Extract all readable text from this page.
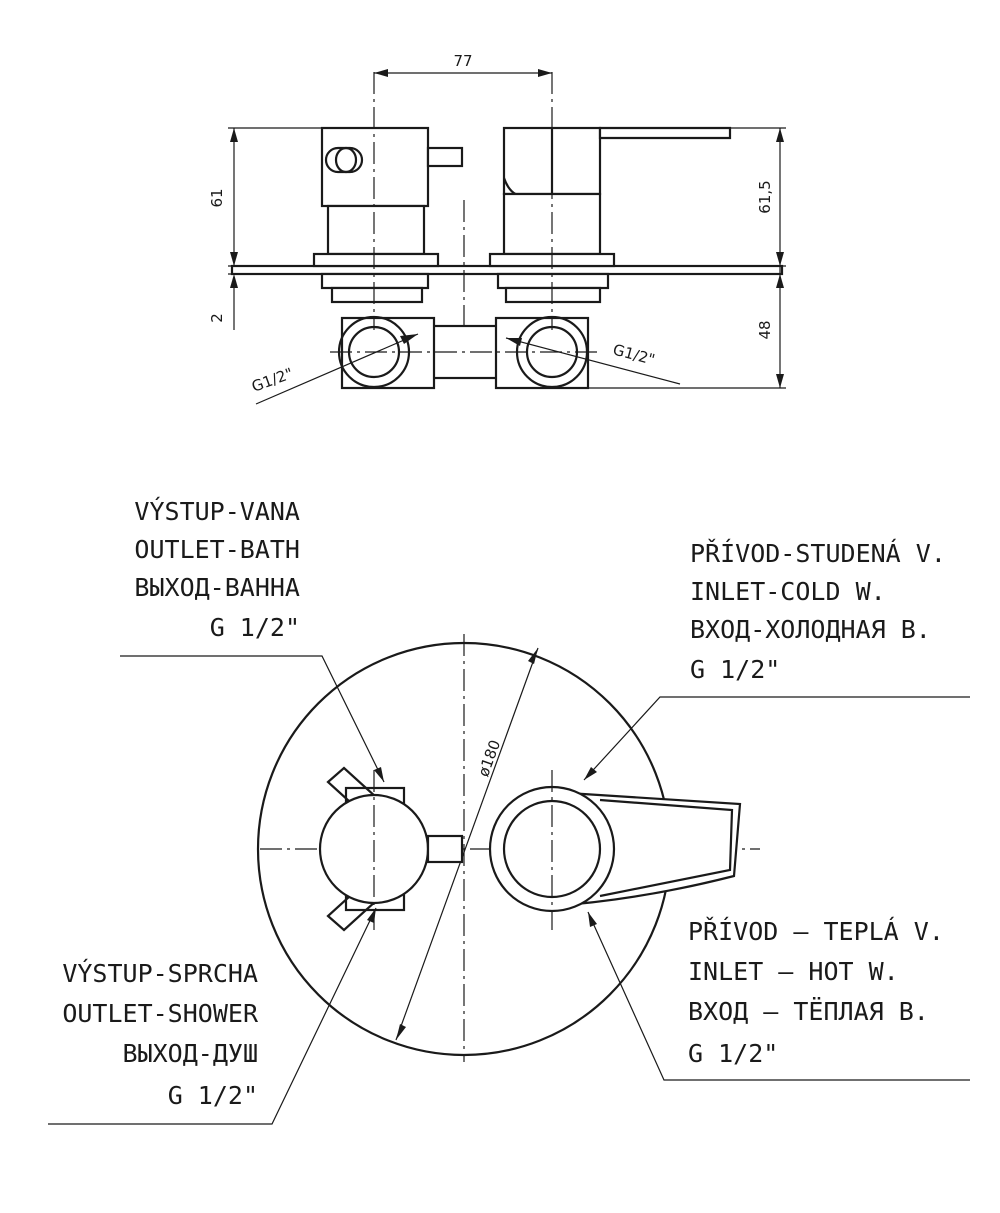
77
61
2
61,5
48
G1/2"
G1/2"
ø180
VÝSTUP-VANA
OUTLET-BATH
ВЫХОД-ВАННА
G 1/2"
PŘÍVOD-STUDENÁ V.
INLET-COLD W.
ВХОД-ХОЛОДНАЯ В.
G 1/2"
VÝSTUP-SPRCHA
OUTLET-SHOWER
ВЫХОД-ДУШ
G 1/2"
PŘÍVOD – TEPLÁ V.
INLET – HOT W.
ВХОД – ТЁПЛАЯ В.
G 1/2"
